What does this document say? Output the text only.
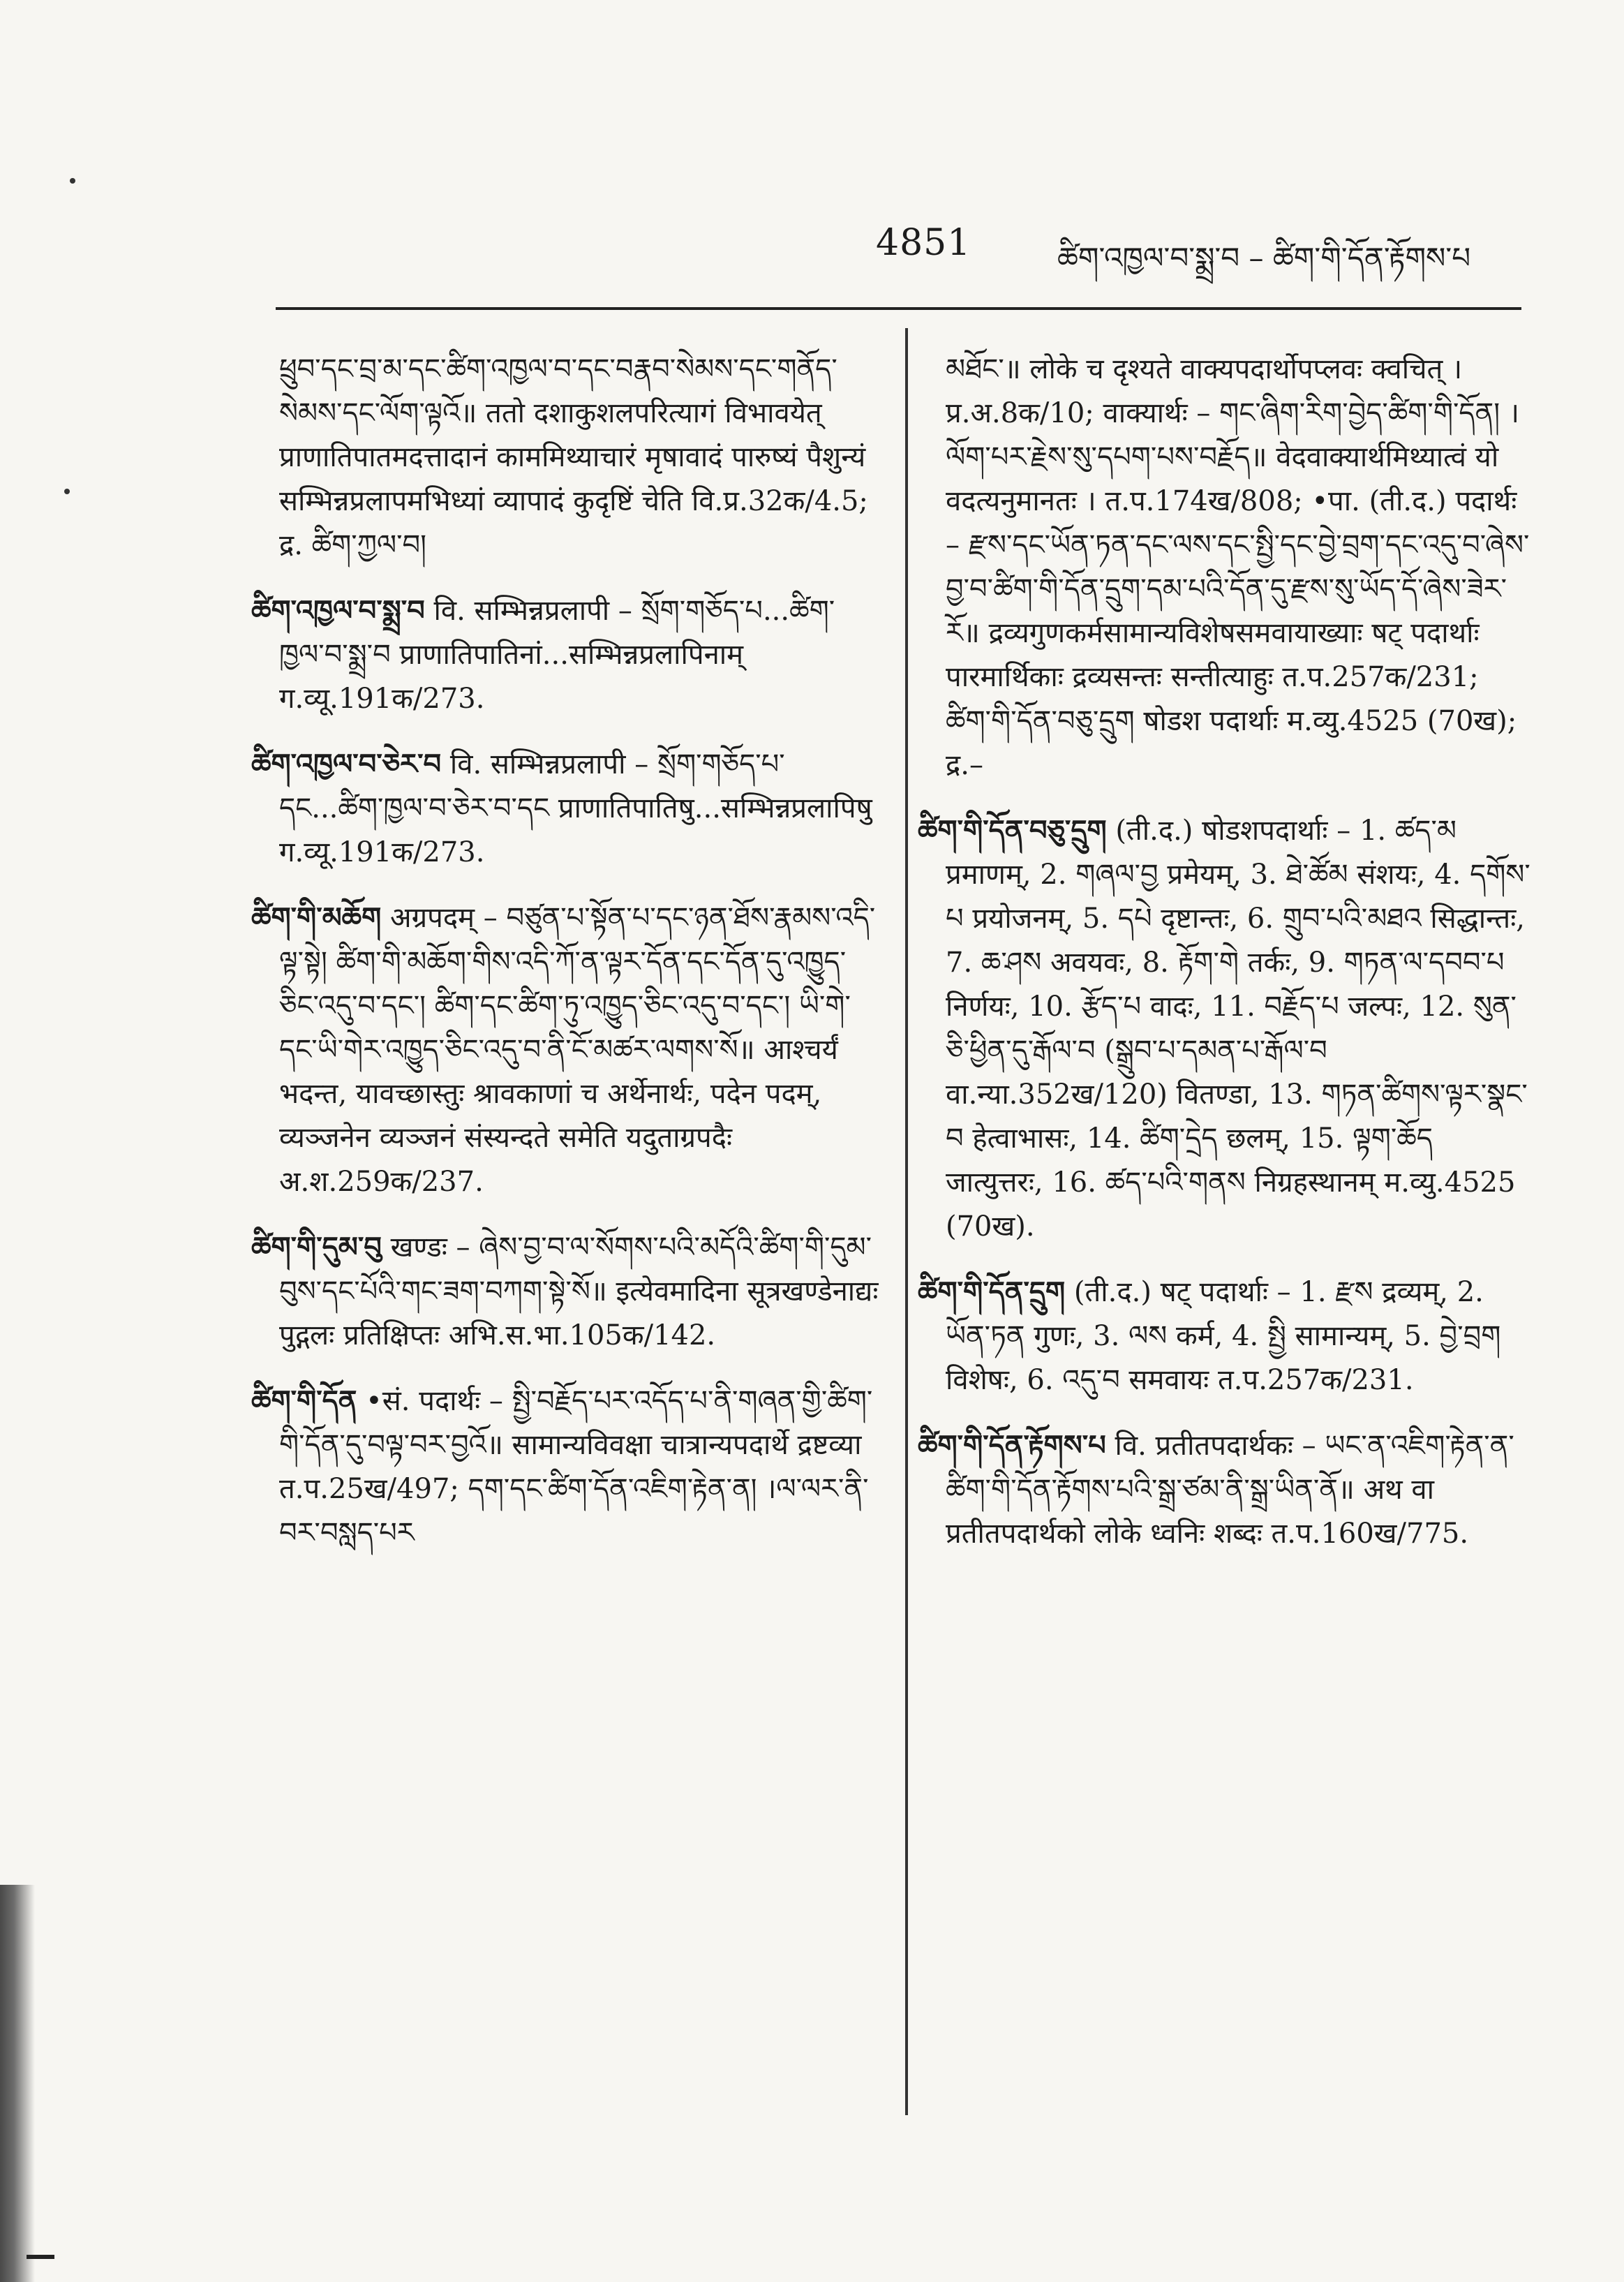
4851	ཚིག་འཁྱལ་བ་སྨྲ་བ – ཚིག་གི་དོན་རྟོགས་པ

ཕྲུབ་དང་བྲ་མ་དང་ཚིག་འཁྱལ་བ་དང་བརྣབ་སེམས་དང་གནོད་སེམས་དང་ལོག་ལྟའོ॥ ततो दशाकुशलपरित्यागं विभावयेत् प्राणातिपातमदत्तादानं काममिथ्याचारं मृषावादं पारुष्यं पैशुन्यं सम्भिन्नप्रलापमभिध्यां व्यापादं कुदृष्टिं चेति वि.प्र.32क/4.5; द्र. ཚིག་ཀྱལ་བ།

ཚིག་འཁྱལ་བ་སྨྲ་བ वि. सम्भिन्नप्रलापी – སྲོག་གཅོད་པ...ཚིག་ཁྱལ་བ་སྨྲ་བ प्राणातिपातिनां...सम्भिन्नप्रलापिनाम् ग.व्यू.191क/273.

ཚིག་འཁྱལ་བ་ཅེར་བ वि. सम्भिन्नप्रलापी – སྲོག་གཅོད་པ་དང...ཚིག་ཁྱལ་བ་ཅེར་བ་དང प्राणातिपातिषु...सम्भिन्नप्रलापिषु ग.व्यू.191क/273.

ཚིག་གི་མཆོག अग्रपदम् – བཙུན་པ་སྟོན་པ་དང་ཉན་ཐོས་རྣམས་འདི་ལྟ་སྟེ། ཚིག་གི་མཆོག་གིས་འདི་ཀོ་ན་ལྟར་དོན་དང་དོན་དུ་འཁྱུད་ཅིང་འདུ་བ་དང་། ཚིག་དང་ཚིག་ཏུ་འཁྱུད་ཅིང་འདུ་བ་དང་། ཡི་གེ་དང་ཡི་གེར་འཁྱུད་ཅིང་འདུ་བ་ནི་ངོ་མཚར་ལགས་སོ॥ आश्चर्यं भदन्त, यावच्छास्तुः श्रावकाणां च अर्थेनार्थः, पदेन पदम्, व्यञ्जनेन व्यञ्जनं संस्यन्दते समेति यदुताग्रपदैः अ.श.259क/237.

ཚིག་གི་དུམ་བུ खण्डः – ཞེས་བྱ་བ་ལ་སོགས་པའི་མདོའི་ཚིག་གི་དུམ་བུས་དང་པོའི་གང་ཟག་བཀག་སྟེ་སོ॥ इत्येवमादिना सूत्रखण्डेनाद्यः पुद्गलः प्रतिक्षिप्तः अभि.स.भा.105क/142.

ཚིག་གི་དོན •सं. पदार्थः – སྤྱི་བརྗོད་པར་འདོད་པ་ནི་གཞན་གྱི་ཚིག་གི་དོན་དུ་བལྟ་བར་བྱའོ॥ सामान्यविवक्षा चात्रान्यपदार्थे द्रष्टव्या त.प.25ख/497; དག་དང་ཚིག་དོན་འཇིག་རྟེན་ན། ।ལ་ལར་ནི་བར་བསླད་པར

མཐོང་॥ लोके च दृश्यते वाक्यपदार्थोपप्लवः क्वचित् । प्र.अ.8क/10; वाक्यार्थः – གང་ཞིག་རིག་བྱེད་ཚིག་གི་དོན། ।ལོག་པར་རྗེས་སུ་དཔག་པས་བརྗོད॥ वेदवाक्यार्थमिथ्यात्वं यो वदत्यनुमानतः । त.प.174ख/808; •पा. (ती.द.) पदार्थः – རྫས་དང་ཡོན་ཏན་དང་ལས་དང་སྤྱི་དང་བྱེ་བྲག་དང་འདུ་བ་ཞེས་བྱ་བ་ཚིག་གི་དོན་དྲུག་དམ་པའི་དོན་དུ་རྫས་སུ་ཡོད་དོ་ཞེས་ཟེར་རོ॥ द्रव्यगुणकर्मसामान्यविशेषसमवायाख्याः षट् पदार्थाः पारमार्थिकाः द्रव्यसन्तः सन्तीत्याहुः त.प.257क/231; ཚིག་གི་དོན་བཅུ་དྲུག षोडश पदार्थाः म.व्यु.4525 (70ख); द्र.–

ཚིག་གི་དོན་བཅུ་དྲུག (ती.द.) षोडशपदार्थाः – 1. ཚད་མ प्रमाणम्, 2. གཞལ་བྱ प्रमेयम्, 3. ཐེ་ཚོམ संशयः, 4. དགོས་པ प्रयोजनम्, 5. དཔེ दृष्टान्तः, 6. གྲུབ་པའི་མཐའ सिद्धान्तः, 7. ཆ་ཤས अवयवः, 8. རྟོག་གེ तर्कः, 9. གཏན་ལ་དབབ་པ निर्णयः, 10. རྩོད་པ वादः, 11. བརྗོད་པ जल्पः, 12. སུན་ཅི་ཕྱིན་དུ་རྒོལ་བ (སྒྲུབ་པ་དམན་པ་རྒོལ་བ वा.न्या.352ख/120) वितण्डा, 13. གཏན་ཚིགས་ལྟར་སྣང་བ हेत्वाभासः, 14. ཚིག་དྲེད छलम्, 15. ལྟག་ཆོད जात्युत्तरः, 16. ཚད་པའི་གནས निग्रहस्थानम् म.व्यु.4525 (70ख).

ཚིག་གི་དོན་དྲུག (ती.द.) षट् पदार्थाः – 1. རྫས द्रव्यम्, 2. ཡོན་ཏན गुणः, 3. ལས कर्म, 4. སྤྱི सामान्यम्, 5. བྱེ་བྲག विशेषः, 6. འདུ་བ समवायः त.प.257क/231.

ཚིག་གི་དོན་རྟོགས་པ वि. प्रतीतपदार्थकः – ཡང་ན་འཇིག་རྟེན་ན་ཚིག་གི་དོན་རྟོགས་པའི་སྒྲ་ཙམ་ནི་སྒྲ་ཡིན་ནོ॥ अथ वा प्रतीतपदार्थको लोके ध्वनिः शब्दः त.प.160ख/775.
